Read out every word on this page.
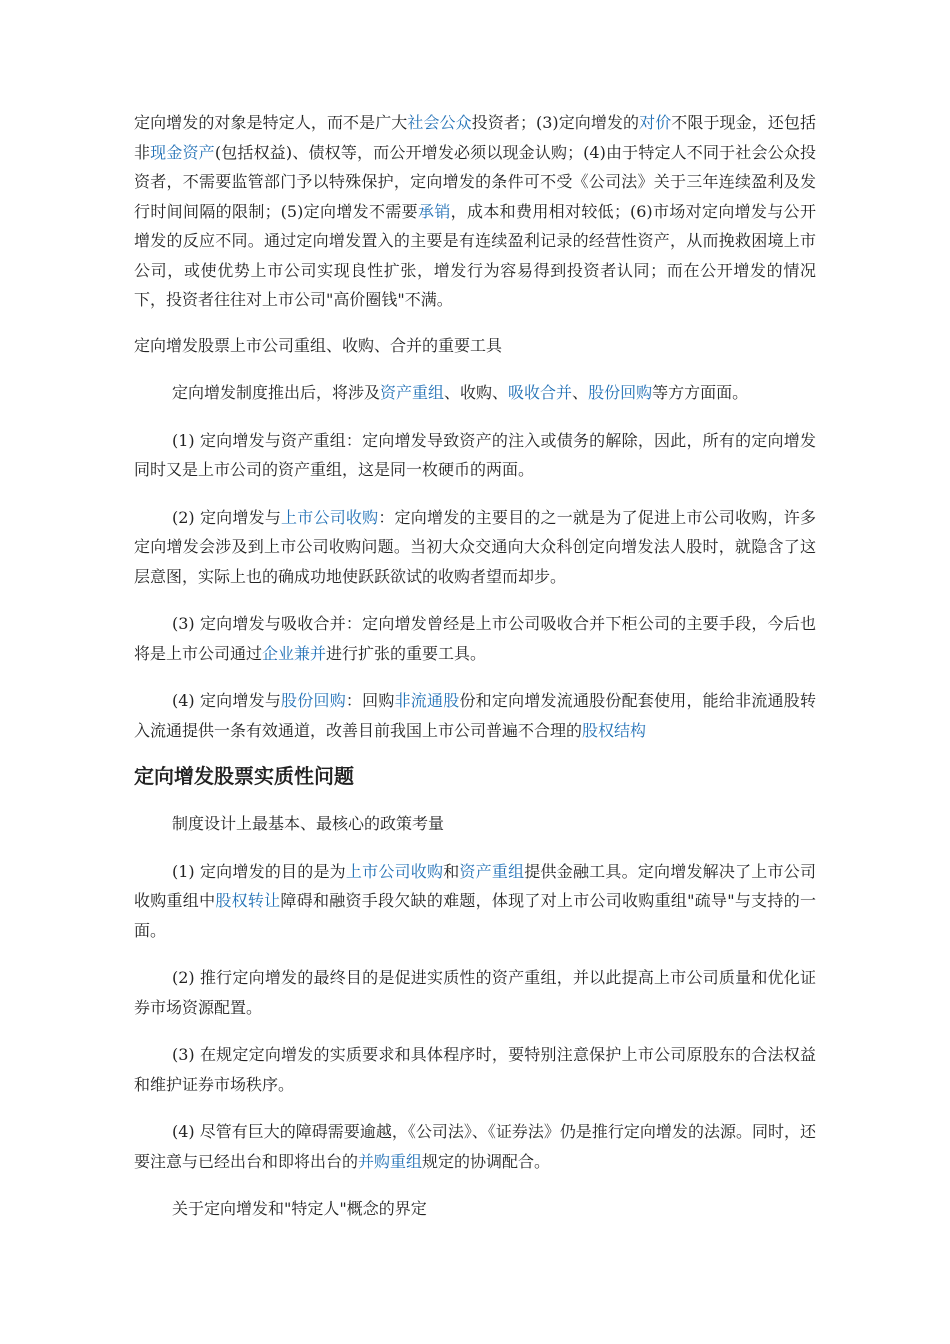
定向增发的对象是特定人，而不是广大社会公众投资者；(3)定向增发的对价不限于现金，还包括非现金资产(包括权益)、债权等，而公开增发必须以现金认购；(4)由于特定人不同于社会公众投资者，不需要监管部门予以特殊保护，定向增发的条件可不受《公司法》关于三年连续盈利及发行时间间隔的限制；(5)定向增发不需要承销，成本和费用相对较低；(6)市场对定向增发与公开增发的反应不同。通过定向增发置入的主要是有连续盈利记录的经营性资产，从而挽救困境上市公司，或使优势上市公司实现良性扩张，增发行为容易得到投资者认同；而在公开增发的情况下，投资者往往对上市公司"高价圈钱"不满。

定向增发股票上市公司重组、收购、合并的重要工具

定向增发制度推出后，将涉及资产重组、收购、吸收合并、股份回购等方方面面。

(1) 定向增发与资产重组：定向增发导致资产的注入或债务的解除，因此，所有的定向增发同时又是上市公司的资产重组，这是同一枚硬币的两面。

(2) 定向增发与上市公司收购：定向增发的主要目的之一就是为了促进上市公司收购，许多定向增发会涉及到上市公司收购问题。当初大众交通向大众科创定向增发法人股时，就隐含了这层意图，实际上也的确成功地使跃跃欲试的收购者望而却步。

(3) 定向增发与吸收合并：定向增发曾经是上市公司吸收合并下柜公司的主要手段，今后也将是上市公司通过企业兼并进行扩张的重要工具。

(4) 定向增发与股份回购：回购非流通股份和定向增发流通股份配套使用，能给非流通股转入流通提供一条有效通道，改善目前我国上市公司普遍不合理的股权结构

定向增发股票实质性问题

制度设计上最基本、最核心的政策考量

(1) 定向增发的目的是为上市公司收购和资产重组提供金融工具。定向增发解决了上市公司收购重组中股权转让障碍和融资手段欠缺的难题，体现了对上市公司收购重组"疏导"与支持的一面。

(2) 推行定向增发的最终目的是促进实质性的资产重组，并以此提高上市公司质量和优化证券市场资源配置。

(3) 在规定定向增发的实质要求和具体程序时，要特别注意保护上市公司原股东的合法权益和维护证券市场秩序。

(4) 尽管有巨大的障碍需要逾越，《公司法》、《证券法》仍是推行定向增发的法源。同时，还要注意与已经出台和即将出台的并购重组规定的协调配合。

关于定向增发和"特定人"概念的界定
